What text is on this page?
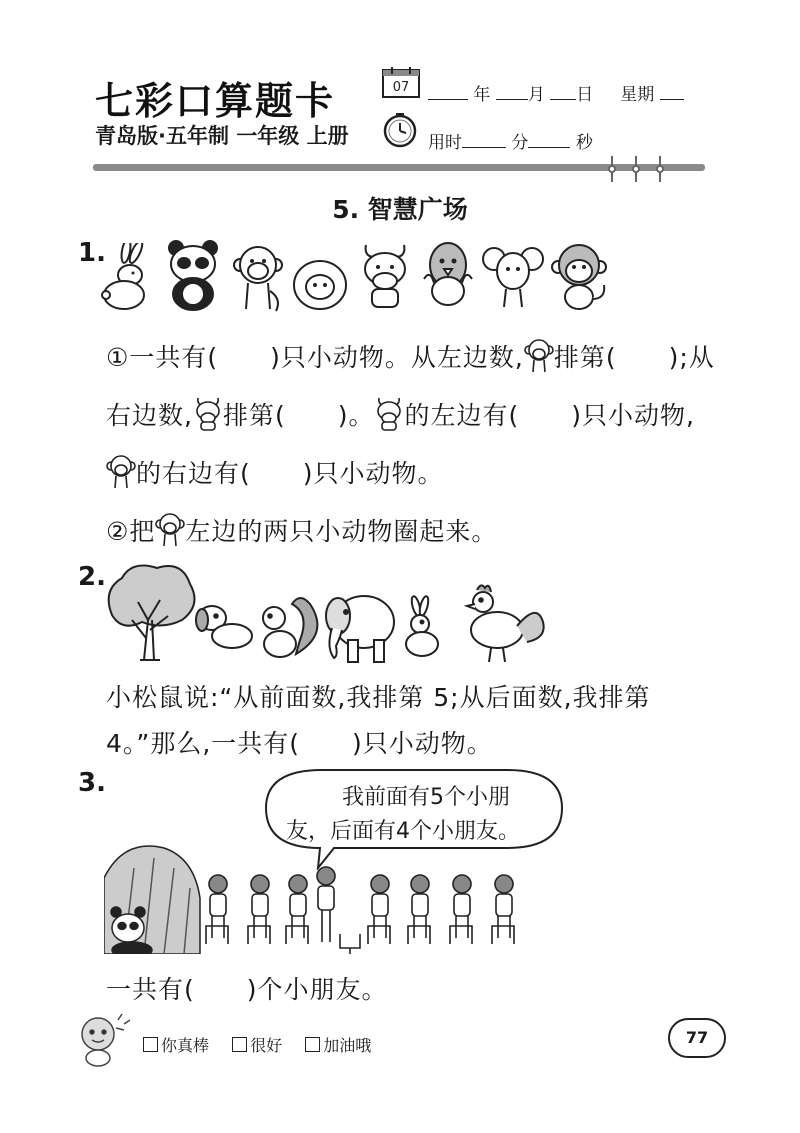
七彩口算题卡	07	年 月 日 星期
青岛版·五年制 一年级 上册	用时	分	秒
5. 智慧广场
1.
①一共有(　　)只小动物。从左边数, 排第(　　);从
右边数, 排第(　　)。 的左边有(　　)只小动物,
的右边有(　　)只小动物。
②把 左边的两只小动物圈起来。
2.
小松鼠说:“从前面数,我排第 5;从后面数,我排第
4。”那么,一共有(　　)只小动物。
3.	我前面有5个小朋
友，后面有4个小朋友。
一共有(　　)个小朋友。
你真棒	很好	加油哦	77
